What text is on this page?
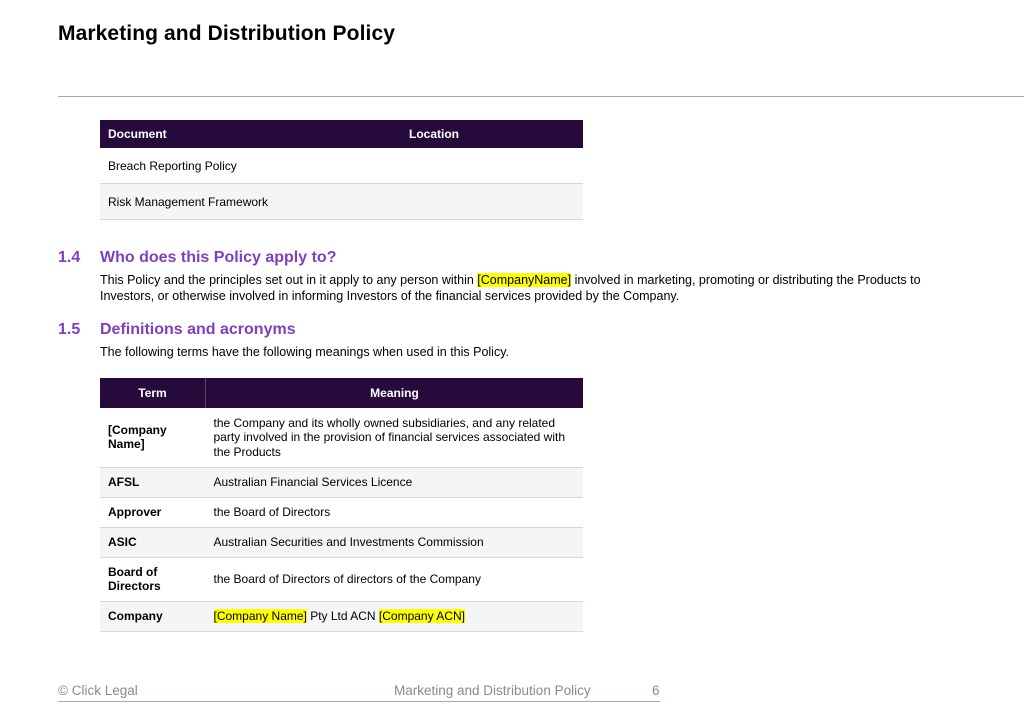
Marketing and Distribution Policy
Document	Location
Breach Reporting Policy	
Risk Management Framework	
1.4	Who does this Policy apply to?
This Policy and the principles set out in it apply to any person within [CompanyName] involved in marketing, promoting or distributing the Products to Investors, or otherwise involved in informing Investors of the financial services provided by the Company.
1.5	Definitions and acronyms
The following terms have the following meanings when used in this Policy.
Term	Meaning
[Company Name]	the Company and its wholly owned subsidiaries, and any related party involved in the provision of financial services associated with the Products
AFSL	Australian Financial Services Licence
Approver	the Board of Directors
ASIC	Australian Securities and Investments Commission
Board of Directors	the Board of Directors of directors of the Company
Company	[Company Name] Pty Ltd ACN [Company ACN]
© Click Legal	Marketing and Distribution Policy	6
